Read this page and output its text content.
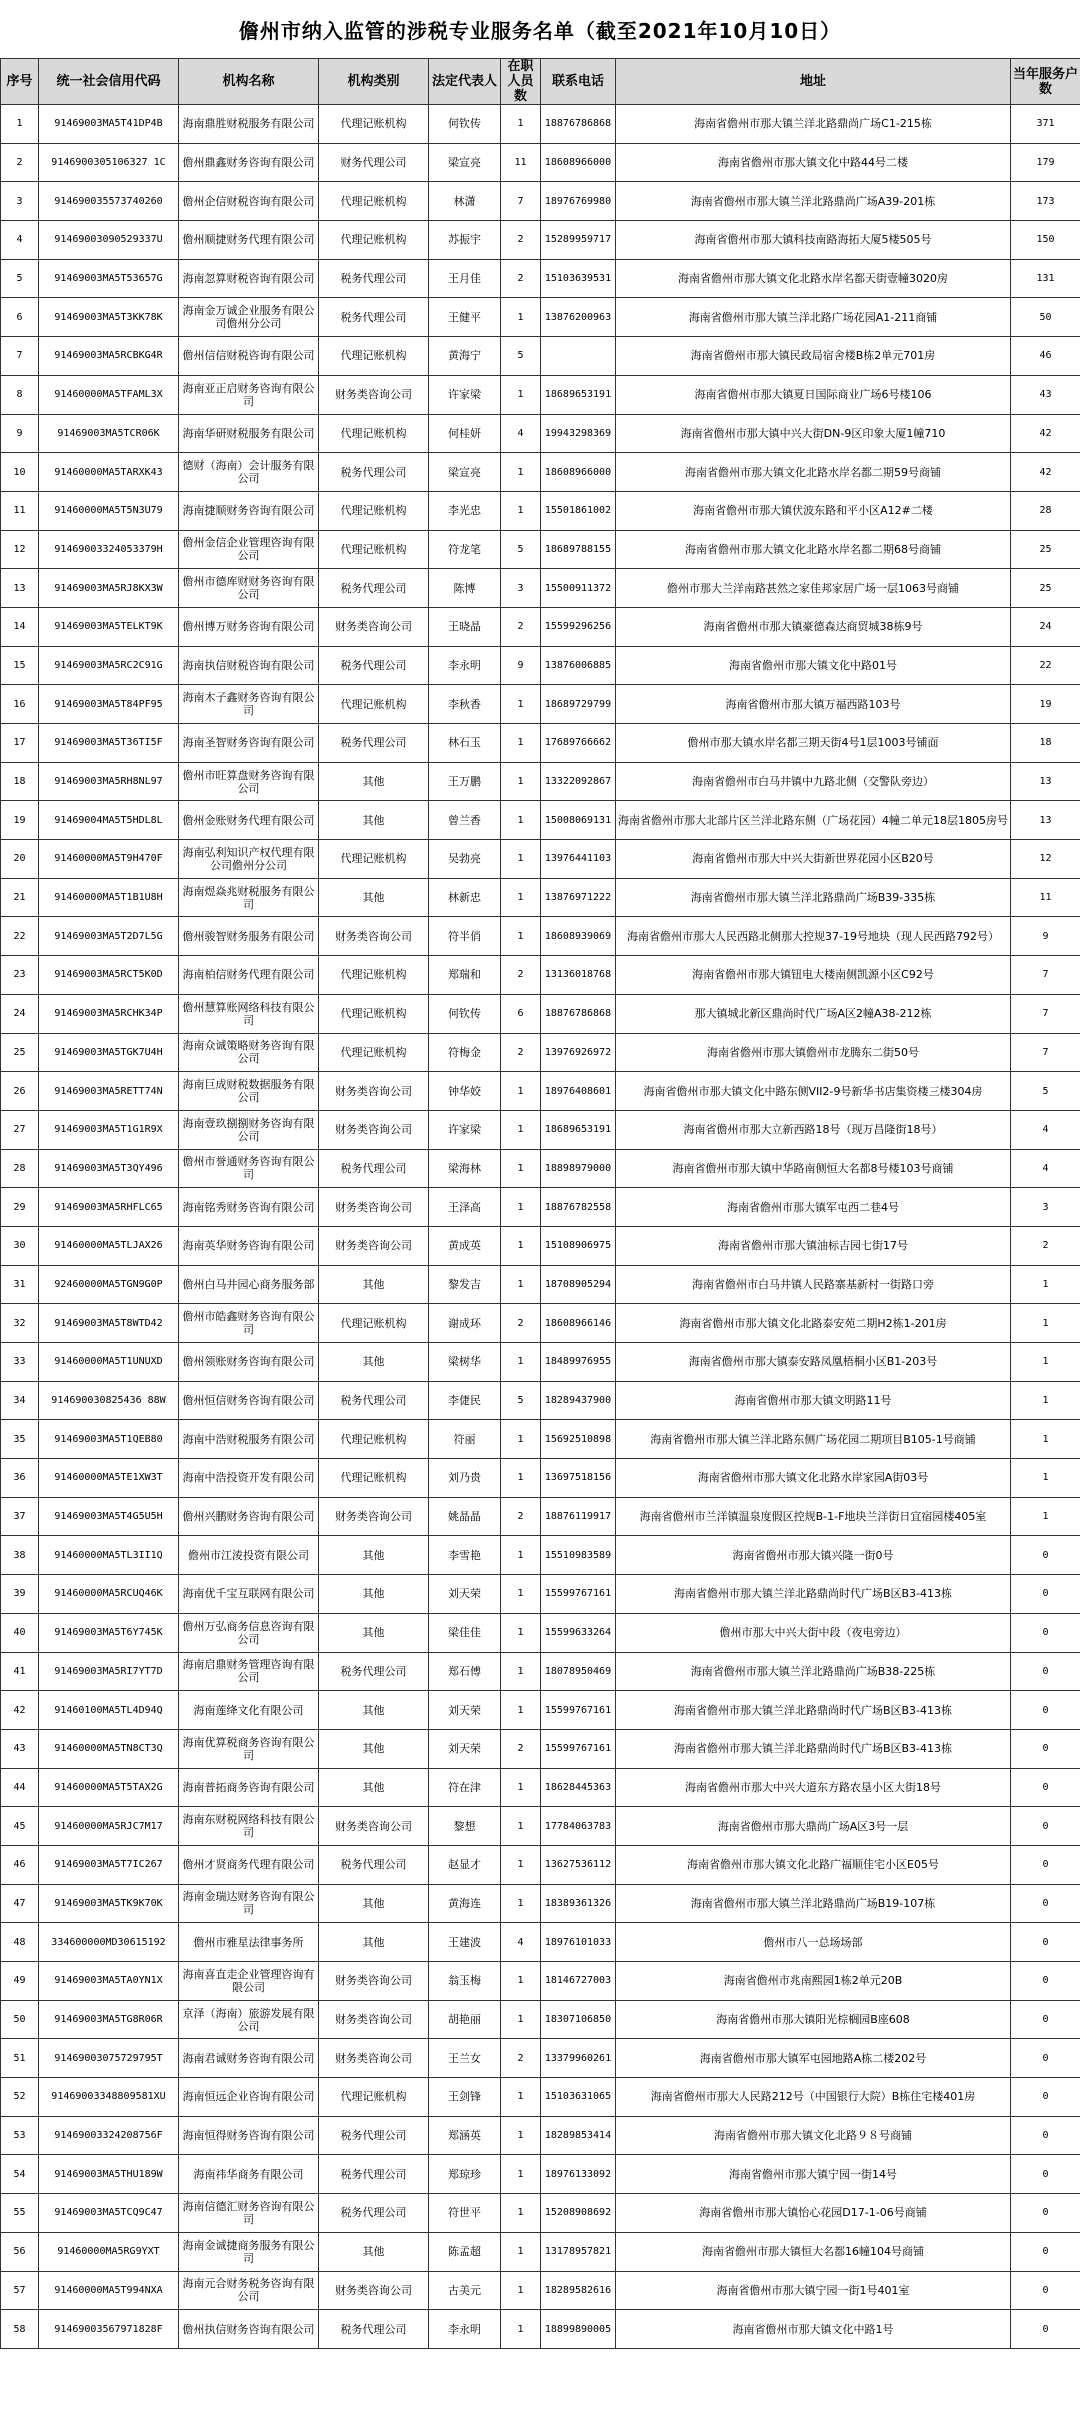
儋州市纳入监管的涉税专业服务名单（截至2021年10月10日）
序号	统一社会信用代码	机构名称	机构类别	法定代表人	在职人员数	联系电话	地址	当年服务户数
1	91469003MA5T41DP4B	海南鼎胜财税服务有限公司	代理记账机构	何钦传	1	18876786868	海南省儋州市那大镇兰洋北路鼎尚广场C1-215栋	371
2	9146900305106327 1C	儋州鼎鑫财务咨询有限公司	财务代理公司	梁宣亮	11	18608966000	海南省儋州市那大镇文化中路44号二楼	179
3	914690035573740260	儋州企信财税咨询有限公司	代理记账机构	林潇	7	18976769980	海南省儋州市那大镇兰洋北路鼎尚广场A39-201栋	173
4	91469003090529337U	儋州顺捷财务代理有限公司	代理记账机构	苏振宇	2	15289959717	海南省儋州市那大镇科技南路海拓大厦5楼505号	150
5	91469003MA5T53657G	海南忽算财税咨询有限公司	税务代理公司	王月佳	2	15103639531	海南省儋州市那大镇文化北路水岸名都天街壹幢3020房	131
6	91469003MA5T3KK78K	海南金万诚企业服务有限公司儋州分公司	税务代理公司	王健平	1	13876200963	海南省儋州市那大镇兰洋北路广场花园A1-211商铺	50
7	91469003MA5RCBKG4R	儋州信信财税咨询有限公司	代理记账机构	黄海宁	5		海南省儋州市那大镇民政局宿舍楼B栋2单元701房	46
8	91460000MA5TFAML3X	海南亚正启财务咨询有限公司	财务类咨询公司	许家梁	1	18689653191	海南省儋州市那大镇夏日国际商业广场6号楼106	43
9	91469003MA5TCR06K	海南华研财税服务有限公司	代理记账机构	何桂妍	4	19943298369	海南省儋州市那大镇中兴大街DN-9区印象大厦1幢710	42
10	91460000MA5TARXK43	德财（海南）会计服务有限公司	税务代理公司	梁宣亮	1	18608966000	海南省儋州市那大镇文化北路水岸名都二期59号商铺	42
11	91460000MA5T5N3U79	海南捷顺财务咨询有限公司	代理记账机构	李光忠	1	15501861002	海南省儋州市那大镇伏波东路和平小区A12#二楼	28
12	91469003324053379H	儋州金信企业管理咨询有限公司	代理记账机构	符龙笔	5	18689788155	海南省儋州市那大镇文化北路水岸名都二期68号商铺	25
13	91469003MA5RJ8KX3W	儋州市德库财财务咨询有限公司	税务代理公司	陈博	3	15500911372	儋州市那大兰洋南路甚然之家佳邦家居广场一层1063号商铺	25
14	91469003MA5TELKT9K	儋州博万财务咨询有限公司	财务类咨询公司	王晓晶	2	15599296256	海南省儋州市那大镇豪德森达商贸城38栋9号	24
15	91469003MA5RC2C91G	海南执信财税咨询有限公司	税务代理公司	李永明	9	13876006885	海南省儋州市那大镇文化中路01号	22
16	91469003MA5T84PF95	海南木子鑫财务咨询有限公司	代理记账机构	李秋香	1	18689729799	海南省儋州市那大镇万福西路103号	19
17	91469003MA5T36TI5F	海南圣智财务咨询有限公司	税务代理公司	林石玉	1	17689766662	儋州市那大镇水岸名都三期天街4号1层1003号铺面	18
18	91469003MA5RH8NL97	儋州市旺算盘财务咨询有限公司	其他	王万鹏	1	13322092867	海南省儋州市白马井镇中九路北侧（交警队旁边）	13
19	91469004MA5T5HDL8L	儋州金账财务代理有限公司	其他	曾兰香	1	15008069131	海南省儋州市那大北部片区兰洋北路东侧（广场花园）4幢二单元18层1805房号	13
20	91460000MA5T9H470F	海南弘利知识产权代理有限公司儋州分公司	代理记账机构	吴勃亮	1	13976441103	海南省儋州市那大中兴大街新世界花园小区B20号	12
21	91460000MA5T1B1U8H	海南煜焱兆财税服务有限公司	其他	林新忠	1	13876971222	海南省儋州市那大镇兰洋北路鼎尚广场B39-335栋	11
22	91469003MA5T2D7L5G	儋州骏智财务服务有限公司	财务类咨询公司	符半俏	1	18608939069	海南省儋州市那大人民西路北侧那大控规37-19号地块（现人民西路792号）	9
23	91469003MA5RCT5K0D	海南柏信财务代理有限公司	代理记账机构	郑瑞和	2	13136018768	海南省儋州市那大镇钮电大楼南侧凯源小区C92号	7
24	91469003MA5RCHK34P	儋州慧算账网络科技有限公司	代理记账机构	何钦传	6	18876786868	那大镇城北新区鼎尚时代广场A区2幢A38-212栋	7
25	91469003MA5TGK7U4H	海南众诚策略财务咨询有限公司	代理记账机构	符梅金	2	13976926972	海南省儋州市那大镇儋州市龙腾东二街50号	7
26	91469003MA5RETT74N	海南巨成财税数据服务有限公司	财务类咨询公司	钟华姣	1	18976408601	海南省儋州市那大镇文化中路东侧VII2-9号新华书店集资楼三楼304房	5
27	91469003MA5T1G1R9X	海南壹玖捌捌财务咨询有限公司	财务类咨询公司	许家梁	1	18689653191	海南省儋州市那大立新西路18号（现万昌隆街18号）	4
28	91469003MA5T3QY496	儋州市誉通财务咨询有限公司	税务代理公司	梁海林	1	18898979000	海南省儋州市那大镇中华路南侧恒大名都8号楼103号商铺	4
29	91469003MA5RHFLC65	海南铭秀财务咨询有限公司	财务类咨询公司	王泽高	1	18876782558	海南省儋州市那大镇军屯西二巷4号	3
30	91460000MA5TLJAX26	海南英华财务咨询有限公司	财务类咨询公司	黄成英	1	15108906975	海南省儋州市那大镇油标吉园七街17号	2
31	92460000MA5TGN9G0P	儋州白马井园心商务服务部	其他	黎发吉	1	18708905294	海南省儋州市白马井镇人民路寨基新村一街路口旁	1
32	91469003MA5T8WTD42	儋州市皓鑫财务咨询有限公司	代理记账机构	谢成环	2	18608966146	海南省儋州市那大镇文化北路泰安苑二期H2栋1-201房	1
33	91460000MA5T1UNUXD	儋州领账财务咨询有限公司	其他	梁树华	1	18489976955	海南省儋州市那大镇泰安路凤凰梧桐小区B1-203号	1
34	914690030825436 88W	儋州恒信财务咨询有限公司	税务代理公司	李倢民	5	18289437900	海南省儋州市那大镇文明路11号	1
35	91469003MA5T1QEB80	海南中浩财税服务有限公司	代理记账机构	符丽	1	15692510898	海南省儋州市那大镇兰洋北路东侧广场花园二期项目B105-1号商铺	1
36	91460000MA5TE1XW3T	海南中浩投资开发有限公司	代理记账机构	刘乃贵	1	13697518156	海南省儋州市那大镇文化北路水岸家园A街03号	1
37	91469003MA5T4G5U5H	儋州兴鹏财务咨询有限公司	财务类咨询公司	姚晶晶	2	18876119917	海南省儋州市兰洋镇温泉度假区控规B-1-F地块兰洋街日宜宿园楼405室	1
38	91460000MA5TL3II1Q	儋州市江淩投资有限公司	其他	李雪艳	1	15510983589	海南省儋州市那大镇兴隆一街0号	0
39	91460000MA5RCUQ46K	海南优千宝互联网有限公司	其他	刘天荣	1	15599767161	海南省儋州市那大镇兰洋北路鼎尚时代广场B区B3-413栋	0
40	91469003MA5T6Y745K	儋州万弘商务信息咨询有限公司	其他	梁佳佳	1	15599633264	儋州市那大中兴大街中段（夜电旁边）	0
41	91469003MA5RI7YT7D	海南启鼎财务管理咨询有限公司	税务代理公司	郑石傅	1	18078950469	海南省儋州市那大镇兰洋北路鼎尚广场B38-225栋	0
42	91460100MA5TL4D94Q	海南莲绛文化有限公司	其他	刘天荣	1	15599767161	海南省儋州市那大镇兰洋北路鼎尚时代广场B区B3-413栋	0
43	91460000MA5TN8CT3Q	海南优算税商务咨询有限公司	其他	刘天荣	2	15599767161	海南省儋州市那大镇兰洋北路鼎尚时代广场B区B3-413栋	0
44	91460000MA5T5TAX2G	海南普拓商务咨询有限公司	其他	符在津	1	18628445363	海南省儋州市那大中兴大道东方路农垦小区大街18号	0
45	91460000MA5RJC7M17	海南东财税网络科技有限公司	财务类咨询公司	黎想	1	17784063783	海南省儋州市那大鼎尚广场A区3号一层	0
46	91469003MA5T7IC267	儋州才贤商务代理有限公司	税务代理公司	赵显才	1	13627536112	海南省儋州市那大镇文化北路广福顺佳宅小区E05号	0
47	91469003MA5TK9K70K	海南金瑞达财务咨询有限公司	其他	黄海连	1	18389361326	海南省儋州市那大镇兰洋北路鼎尚广场B19-107栋	0
48	334600000MD30615192	儋州市雅星法律事务所	其他	王建波	4	18976101033	儋州市八一总场场部	0
49	91469003MA5TA0YN1X	海南喜直走企业管理咨询有限公司	财务类咨询公司	翁玉梅	1	18146727003	海南省儋州市兆南熙园1栋2单元20B	0
50	91469003MA5TG8R06R	京泽（海南）旅游发展有限公司	财务类咨询公司	胡艳丽	1	18307106850	海南省儋州市那大镇阳光棕榈园B座608	0
51	91469003075729795T	海南君诚财务咨询有限公司	财务类咨询公司	王兰女	2	13379960261	海南省儋州市那大镇军屯园地路A栋二楼202号	0
52	91469003348809581XU	海南恒远企业咨询有限公司	代理记账机构	王剑锋	1	15103631065	海南省儋州市那大人民路212号（中国银行大院）B栋住宅楼401房	0
53	91469003324208756F	海南恒得财务咨询有限公司	税务代理公司	郑涵英	1	18289853414	海南省儋州市那大镇文化北路９８号商铺	0
54	91469003MA5THU189W	海南祎华商务有限公司	税务代理公司	郑琼珍	1	18976133092	海南省儋州市那大镇宁园一街14号	0
55	91469003MA5TCQ9C47	海南信德汇财务咨询有限公司	税务代理公司	符世平	1	15208908692	海南省儋州市那大镇怡心花园D17-1-06号商铺	0
56	91460000MA5RG9YXT	海南金诚捷商务服务有限公司	其他	陈孟超	1	13178957821	海南省儋州市那大镇恒大名都16幢104号商铺	0
57	91460000MA5T994NXA	海南元合财务税务咨询有限公司	财务类咨询公司	古美元	1	18289582616	海南省儋州市那大镇宁园一街1号401室	0
58	91469003567971828F	儋州执信财务咨询有限公司	税务代理公司	李永明	1	18899890005	海南省儋州市那大镇文化中路1号	0
